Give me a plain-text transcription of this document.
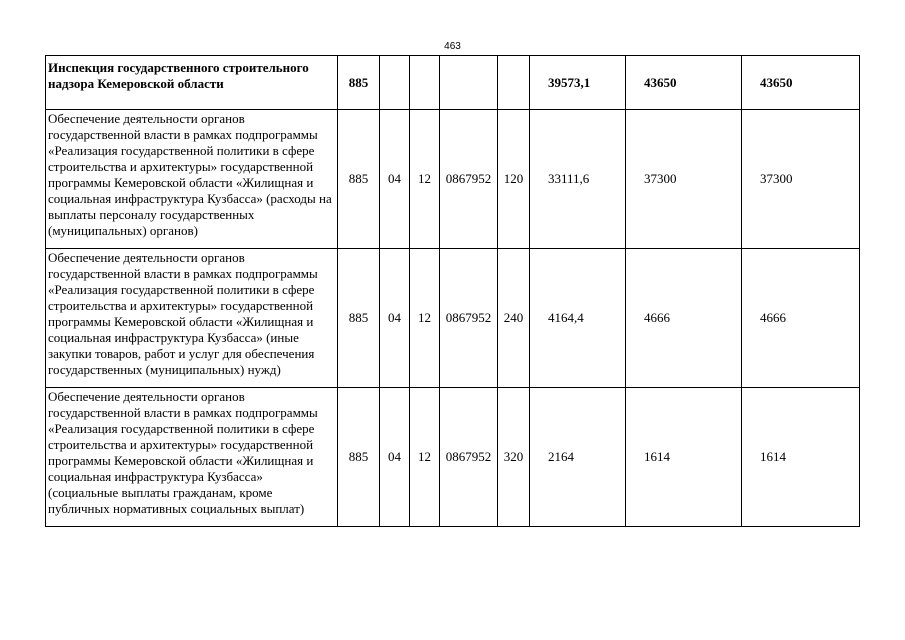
463
Инспекция государственного строительного надзора Кемеровской области	885					39573,1	43650	43650
Обеспечение деятельности органов государственной власти в рамках подпрограммы «Реализация государственной политики в сфере строительства и архитектуры» государственной программы Кемеровской области «Жилищная и социальная инфраструктура Кузбасса» (расходы на выплаты персоналу государственных (муниципальных) органов)	885	04	12	0867952	120	33111,6	37300	37300
Обеспечение деятельности органов государственной власти в рамках подпрограммы «Реализация государственной политики в сфере строительства и архитектуры» государственной программы Кемеровской области «Жилищная и социальная инфраструктура Кузбасса» (иные закупки товаров, работ и услуг для обеспечения государственных (муниципальных) нужд)	885	04	12	0867952	240	4164,4	4666	4666
Обеспечение деятельности органов государственной власти в рамках подпрограммы «Реализация государственной политики в сфере строительства и архитектуры» государственной программы Кемеровской области «Жилищная и социальная инфраструктура Кузбасса» (социальные выплаты гражданам, кроме публичных нормативных социальных выплат)	885	04	12	0867952	320	2164	1614	1614
